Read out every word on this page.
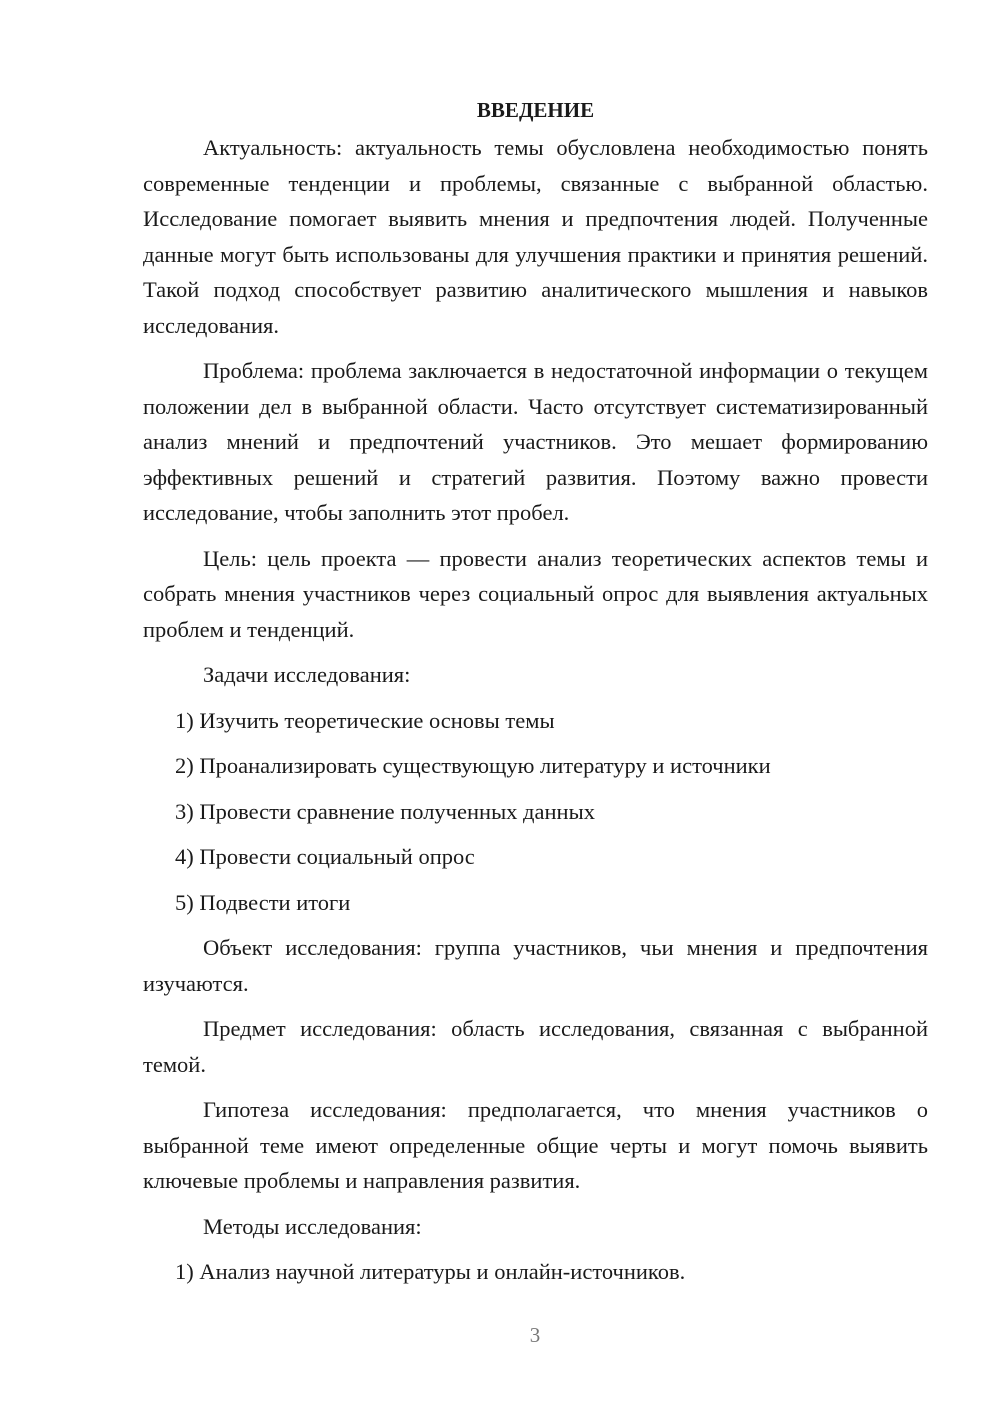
ВВЕДЕНИЕ

Актуальность: актуальность темы обусловлена необходимостью понять современные тенденции и проблемы, связанные с выбранной областью. Исследование помогает выявить мнения и предпочтения людей. Полученные данные могут быть использованы для улучшения практики и принятия решений. Такой подход способствует развитию аналитического мышления и навыков исследования.

Проблема: проблема заключается в недостаточной информации о текущем положении дел в выбранной области. Часто отсутствует систематизированный анализ мнений и предпочтений участников. Это мешает формированию эффективных решений и стратегий развития. Поэтому важно провести исследование, чтобы заполнить этот пробел.

Цель: цель проекта — провести анализ теоретических аспектов темы и собрать мнения участников через социальный опрос для выявления актуальных проблем и тенденций.

Задачи исследования:

1) Изучить теоретические основы темы
2) Проанализировать существующую литературу и источники
3) Провести сравнение полученных данных
4) Провести социальный опрос
5) Подвести итоги

Объект исследования: группа участников, чьи мнения и предпочтения изучаются.

Предмет исследования: область исследования, связанная с выбранной темой.

Гипотеза исследования: предполагается, что мнения участников о выбранной теме имеют определенные общие черты и могут помочь выявить ключевые проблемы и направления развития.

Методы исследования:

1) Анализ научной литературы и онлайн-источников.
3
